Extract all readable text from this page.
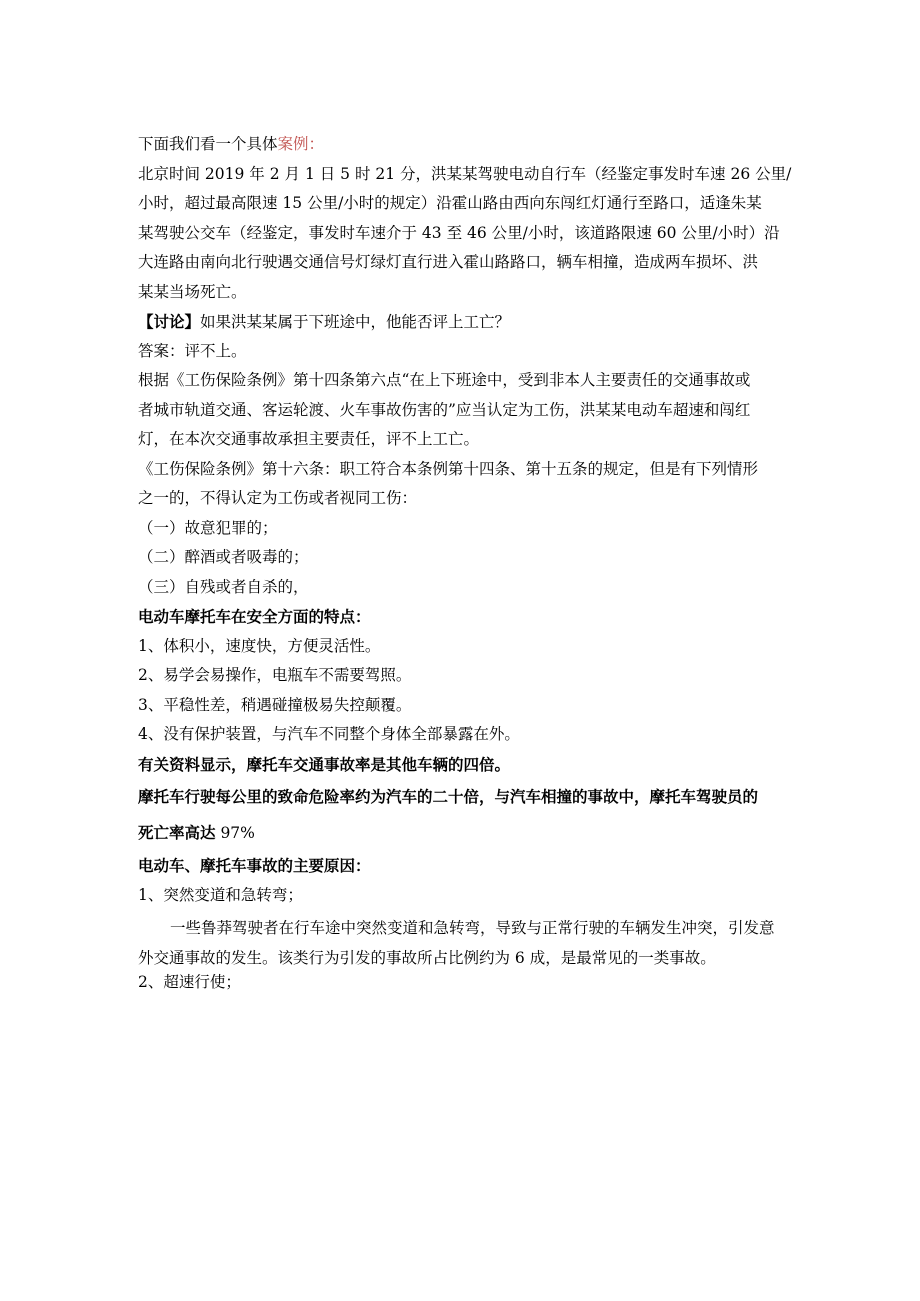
下面我们看一个具体案例：
北京时间 2019 年 2 月 1 日 5 时 21 分，洪某某驾驶电动自行车（经鉴定事发时车速 26 公里/
小时，超过最高限速 15 公里/小时的规定）沿霍山路由西向东闯红灯通行至路口，适逢朱某
某驾驶公交车（经鉴定，事发时车速介于 43 至 46 公里/小时，该道路限速 60 公里/小时）沿
大连路由南向北行驶遇交通信号灯绿灯直行进入霍山路路口，辆车相撞，造成两车损坏、洪
某某当场死亡。
【讨论】如果洪某某属于下班途中，他能否评上工亡？
答案：评不上。
根据《工伤保险条例》第十四条第六点“在上下班途中，受到非本人主要责任的交通事故或
者城市轨道交通、客运轮渡、火车事故伤害的”应当认定为工伤，洪某某电动车超速和闯红
灯，在本次交通事故承担主要责任，评不上工亡。
《工伤保险条例》第十六条：职工符合本条例第十四条、第十五条的规定，但是有下列情形
之一的，不得认定为工伤或者视同工伤：
（一）故意犯罪的；
（二）醉酒或者吸毒的；
（三）自残或者自杀的，
电动车摩托车在安全方面的特点：
1、体积小，速度快，方便灵活性。
2、易学会易操作，电瓶车不需要驾照。
3、平稳性差，稍遇碰撞极易失控颠覆。
4、没有保护装置，与汽车不同整个身体全部暴露在外。
有关资料显示，摩托车交通事故率是其他车辆的四倍。
摩托车行驶每公里的致命危险率约为汽车的二十倍，与汽车相撞的事故中，摩托车驾驶员的
死亡率高达 97%
电动车、摩托车事故的主要原因：
1、突然变道和急转弯；
一些鲁莽驾驶者在行车途中突然变道和急转弯，导致与正常行驶的车辆发生冲突，引发意
外交通事故的发生。该类行为引发的事故所占比例约为 6 成，是最常见的一类事故。
2、超速行使；
